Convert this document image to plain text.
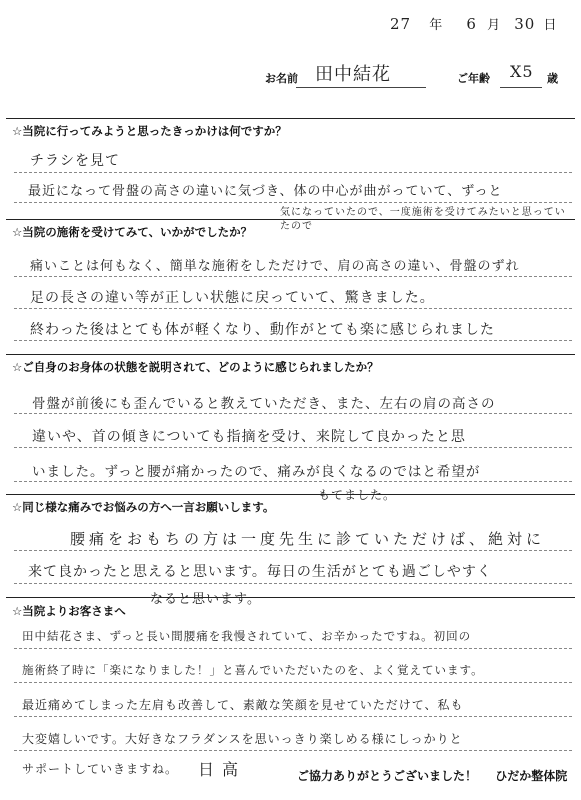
27 年 6 月 30 日
お名前 田中結花	ご年齢 X5 歳
☆当院に行ってみようと思ったきっかけは何ですか？
チラシを見て
最近になって骨盤の高さの違いに気づき、体の中心が曲がっていて、ずっと
気になっていたので、一度施術を受けてみたいと思っていたので
☆当院の施術を受けてみて、いかがでしたか？
痛いことは何もなく、簡単な施術をしただけで、肩の高さの違い、骨盤のずれ
足の長さの違い等が正しい状態に戻っていて、驚きました。
終わった後はとても体が軽くなり、動作がとても楽に感じられました
☆ご自身のお身体の状態を説明されて、どのように感じられましたか？
骨盤が前後にも歪んでいると教えていただき、また、左右の肩の高さの
違いや、首の傾きについても指摘を受け、来院して良かったと思
いました。ずっと腰が痛かったので、痛みが良くなるのではと希望が
もてました。
☆同じ様な痛みでお悩みの方へ一言お願いします。
腰痛をおもちの方は一度先生に診ていただけば、絶対に
来て良かったと思えると思います。毎日の生活がとても過ごしやすく
なると思います。
☆当院よりお客さまへ
田中結花さま、ずっと長い間腰痛を我慢されていて、お辛かったですね。初回の
施術終了時に「楽になりました！」と喜んでいただいたのを、よく覚えています。
最近痛めてしまった左肩も改善して、素敵な笑顔を見せていただけて、私も
大変嬉しいです。大好きなフラダンスを思いっきり楽しめる様にしっかりと
サポートしていきますね。 日高	ご協力ありがとうございました！ ひだか整体院
